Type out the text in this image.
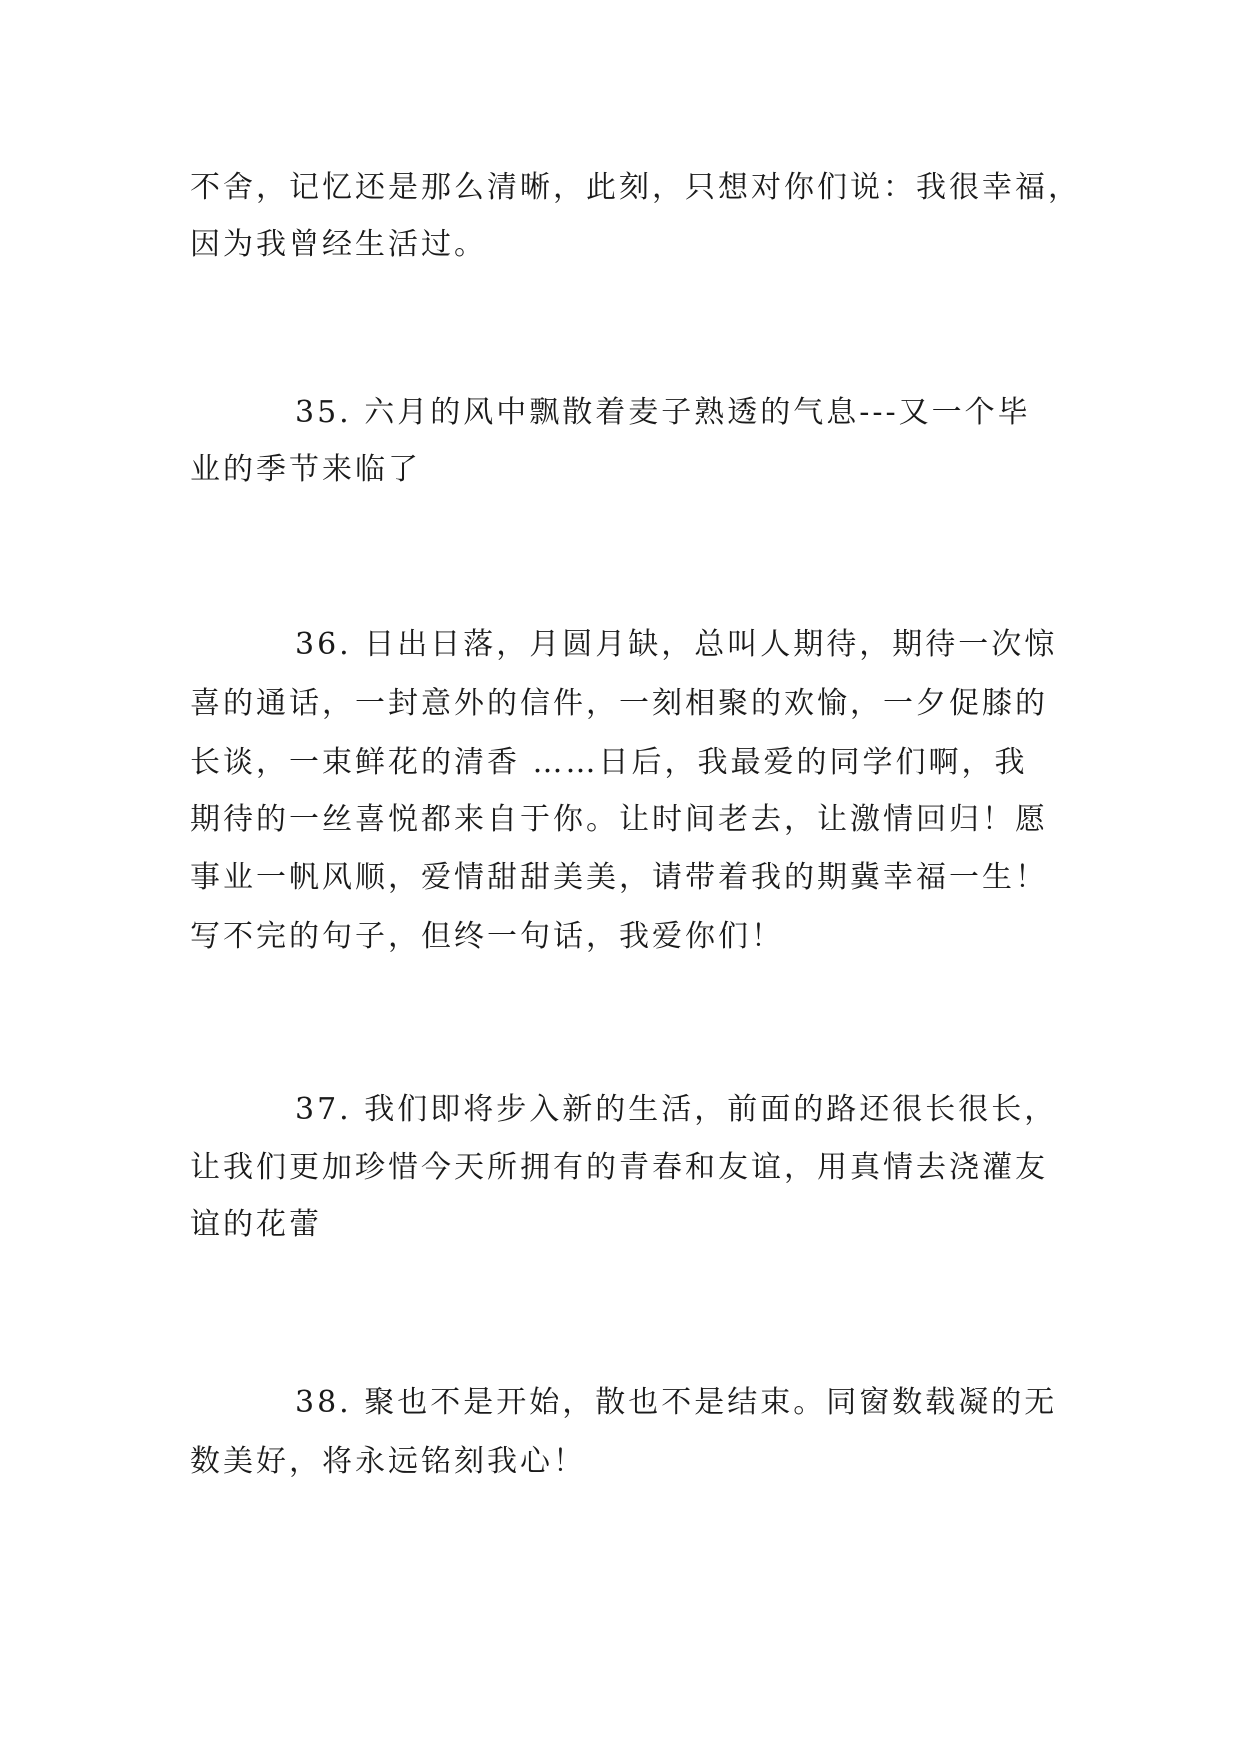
不舍，记忆还是那么清晰，此刻，只想对你们说：我很幸福，
因为我曾经生活过。
35. 六月的风中飘散着麦子熟透的气息---又一个毕
业的季节来临了
36. 日出日落，月圆月缺，总叫人期待，期待一次惊
喜的通话，一封意外的信件，一刻相聚的欢愉，一夕促膝的
长谈，一束鲜花的清香 ……日后，我最爱的同学们啊，我
期待的一丝喜悦都来自于你。让时间老去，让激情回归！愿
事业一帆风顺，爱情甜甜美美，请带着我的期冀幸福一生！
写不完的句子，但终一句话，我爱你们！
37. 我们即将步入新的生活，前面的路还很长很长，
让我们更加珍惜今天所拥有的青春和友谊，用真情去浇灌友
谊的花蕾
38. 聚也不是开始，散也不是结束。同窗数载凝的无
数美好，将永远铭刻我心！
